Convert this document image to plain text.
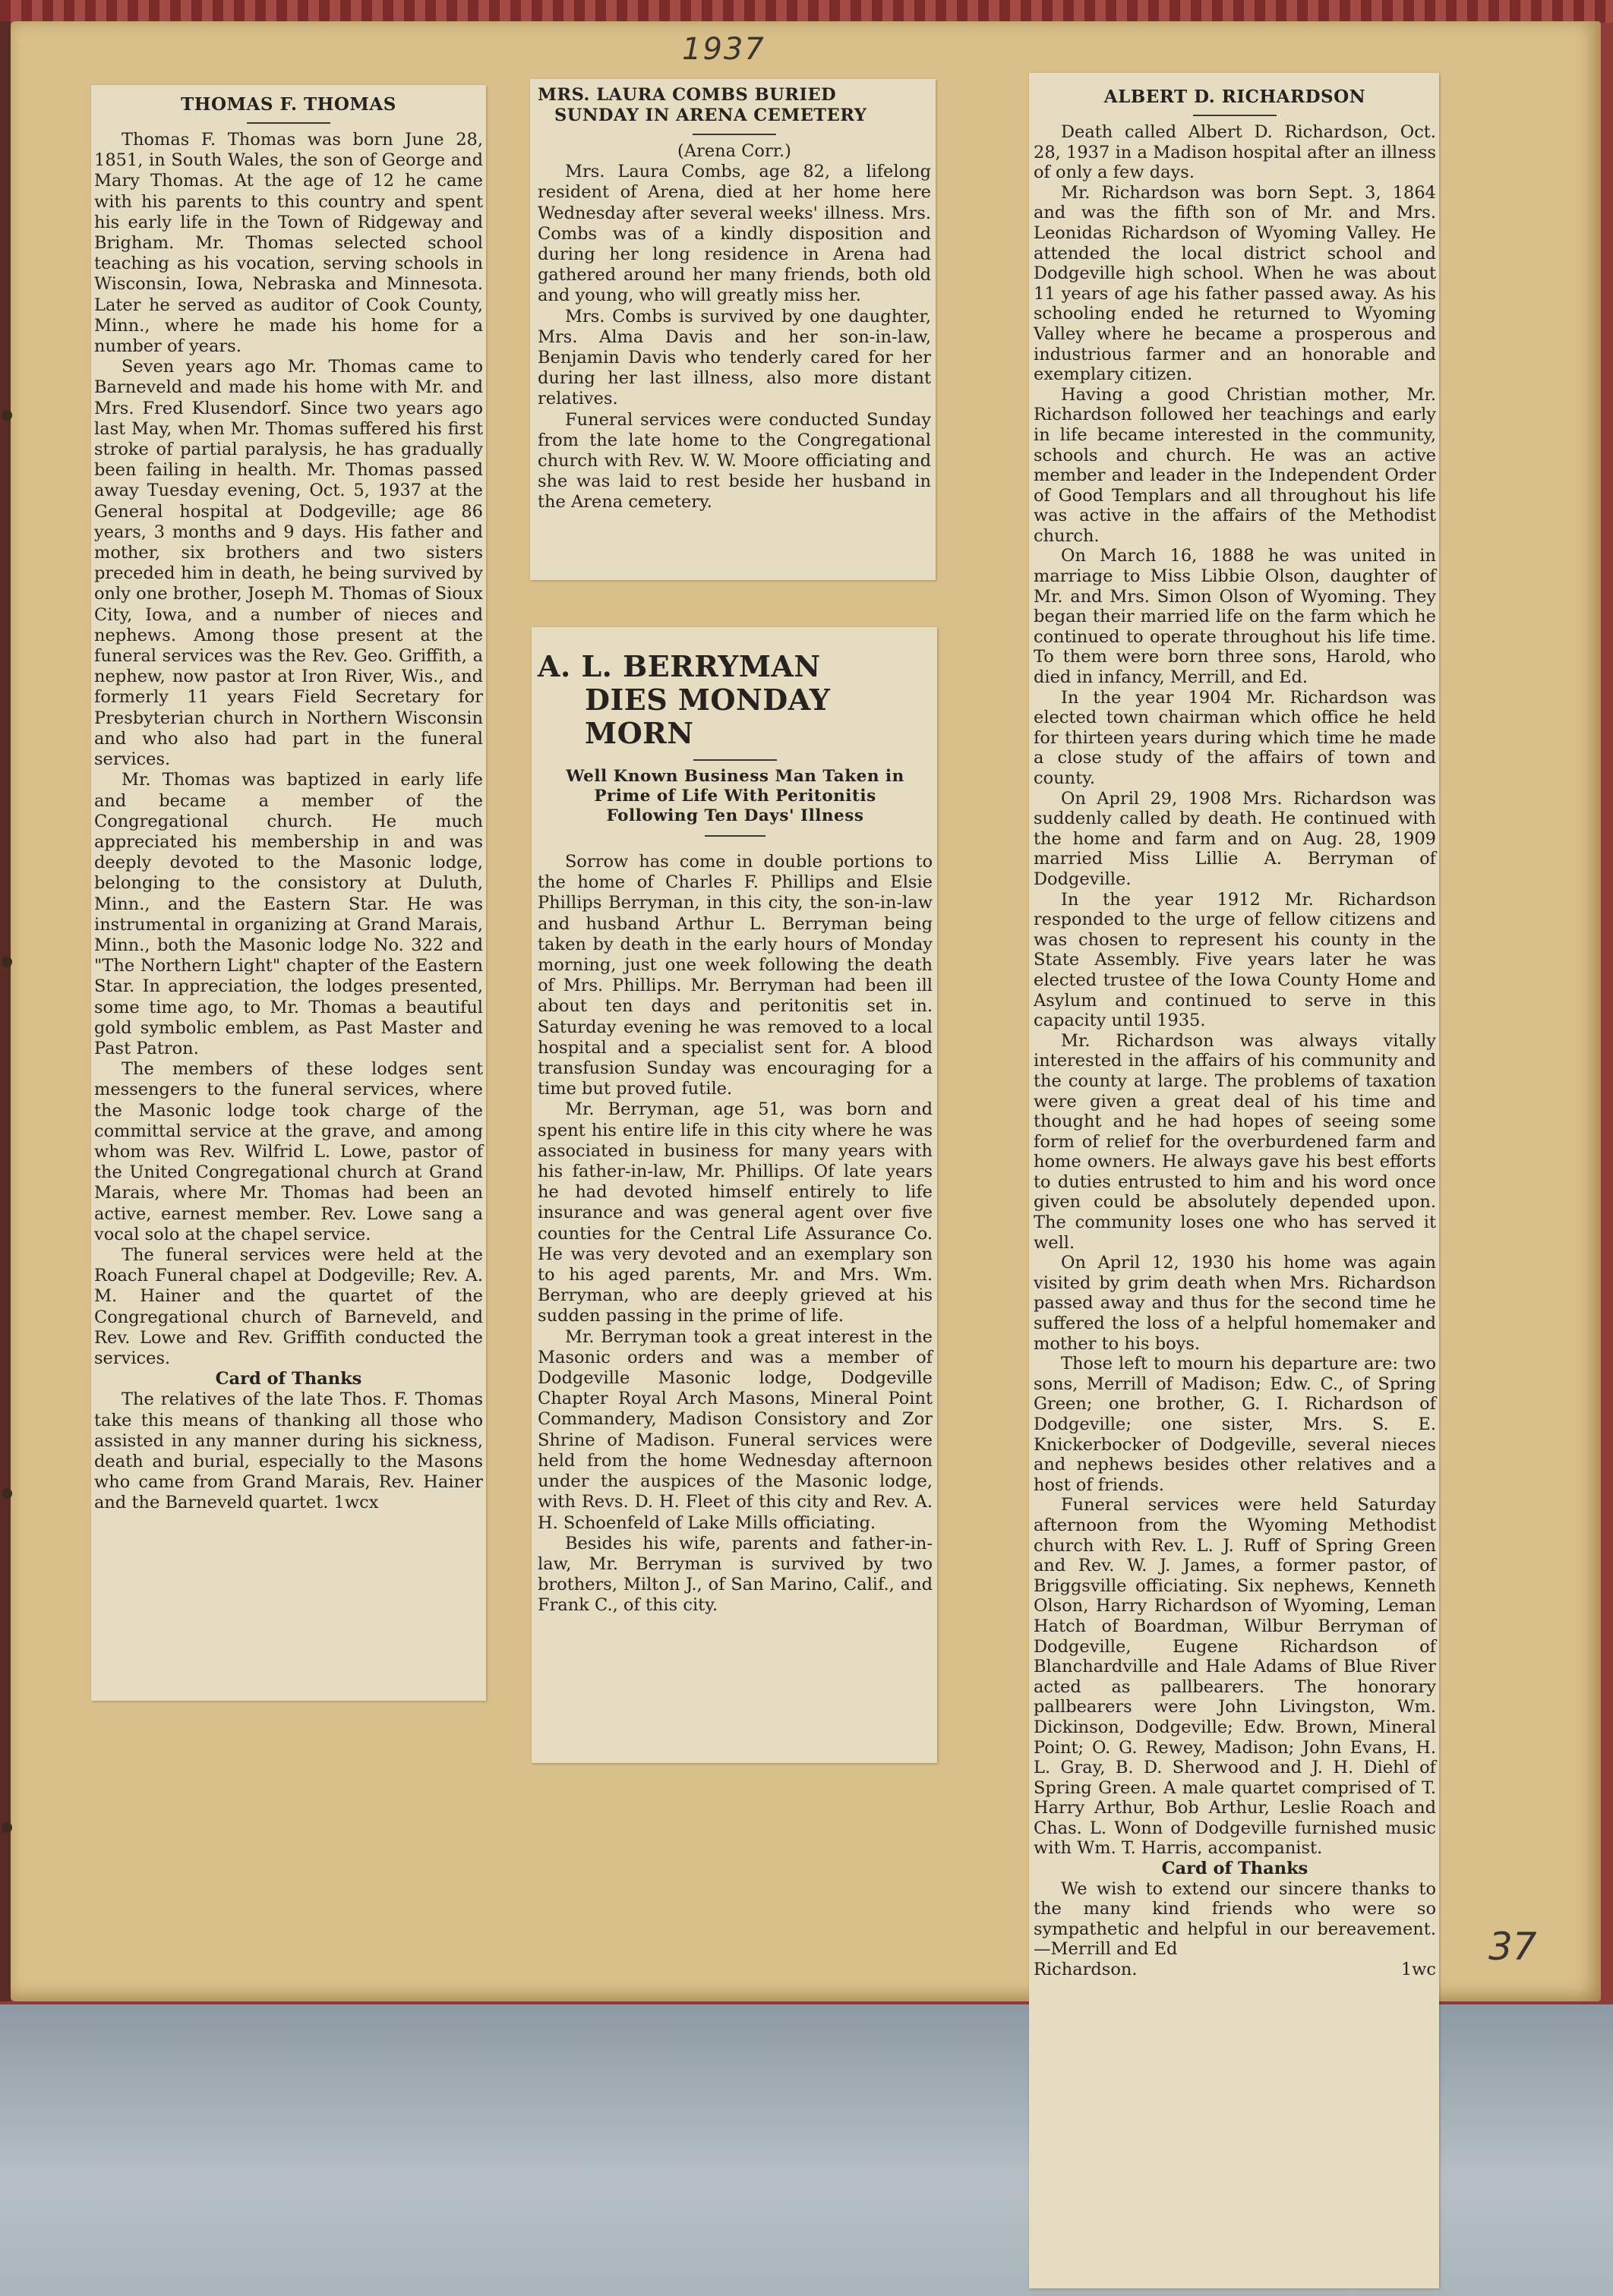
1937
37
THOMAS F. THOMAS

Thomas F. Thomas was born June 28, 1851, in South Wales, the son of George and Mary Thomas. At the age of 12 he came with his parents to this country and spent his early life in the Town of Ridgeway and Brigham. Mr. Thomas selected school teaching as his vocation, serving schools in Wisconsin, Iowa, Nebraska and Minnesota. Later he served as auditor of Cook County, Minn., where he made his home for a number of years.

Seven years ago Mr. Thomas came to Barneveld and made his home with Mr. and Mrs. Fred Klusendorf. Since two years ago last May, when Mr. Thomas suffered his first stroke of partial paralysis, he has gradually been failing in health. Mr. Thomas passed away Tuesday evening, Oct. 5, 1937 at the General hospital at Dodgeville; age 86 years, 3 months and 9 days. His father and mother, six brothers and two sisters preceded him in death, he being survived by only one brother, Joseph M. Thomas of Sioux City, Iowa, and a number of nieces and nephews. Among those present at the funeral services was the Rev. Geo. Griffith, a nephew, now pastor at Iron River, Wis., and formerly 11 years Field Secretary for Presbyterian church in Northern Wisconsin and who also had part in the funeral services.

Mr. Thomas was baptized in early life and became a member of the Congregational church. He much appreciated his membership in and was deeply devoted to the Masonic lodge, belonging to the consistory at Duluth, Minn., and the Eastern Star. He was instrumental in organizing at Grand Marais, Minn., both the Masonic lodge No. 322 and "The Northern Light" chapter of the Eastern Star. In appreciation, the lodges presented, some time ago, to Mr. Thomas a beautiful gold symbolic emblem, as Past Master and Past Patron.

The members of these lodges sent messengers to the funeral services, where the Masonic lodge took charge of the committal service at the grave, and among whom was Rev. Wilfrid L. Lowe, pastor of the United Congregational church at Grand Marais, where Mr. Thomas had been an active, earnest member. Rev. Lowe sang a vocal solo at the chapel service.

The funeral services were held at the Roach Funeral chapel at Dodgeville; Rev. A. M. Hainer and the quartet of the Congregational church of Barneveld, and Rev. Lowe and Rev. Griffith conducted the services.

Card of Thanks

The relatives of the late Thos. F. Thomas take this means of thanking all those who assisted in any manner during his sickness, death and burial, especially to the Masons who came from Grand Marais, Rev. Hainer and the Barneveld quartet. 1wcx

MRS. LAURA COMBS BURIED
SUNDAY IN ARENA CEMETERY

(Arena Corr.)

Mrs. Laura Combs, age 82, a lifelong resident of Arena, died at her home here Wednesday after several weeks' illness. Mrs. Combs was of a kindly disposition and during her long residence in Arena had gathered around her many friends, both old and young, who will greatly miss her.

Mrs. Combs is survived by one daughter, Mrs. Alma Davis and her son-in-law, Benjamin Davis who tenderly cared for her during her last illness, also more distant relatives.

Funeral services were conducted Sunday from the late home to the Congregational church with Rev. W. W. Moore officiating and she was laid to rest beside her husband in the Arena cemetery.

A. L. BERRYMAN
DIES MONDAY MORN
Well Known Business Man Taken in Prime of Life With Peritonitis Following Ten Days' Illness

Sorrow has come in double portions to the home of Charles F. Phillips and Elsie Phillips Berryman, in this city, the son-in-law and husband Arthur L. Berryman being taken by death in the early hours of Monday morning, just one week following the death of Mrs. Phillips. Mr. Berryman had been ill about ten days and peritonitis set in. Saturday evening he was removed to a local hospital and a specialist sent for. A blood transfusion Sunday was encouraging for a time but proved futile.

Mr. Berryman, age 51, was born and spent his entire life in this city where he was associated in business for many years with his father-in-law, Mr. Phillips. Of late years he had devoted himself entirely to life insurance and was general agent over five counties for the Central Life Assurance Co. He was very devoted and an exemplary son to his aged parents, Mr. and Mrs. Wm. Berryman, who are deeply grieved at his sudden passing in the prime of life.

Mr. Berryman took a great interest in the Masonic orders and was a member of Dodgeville Masonic lodge, Dodgeville Chapter Royal Arch Masons, Mineral Point Commandery, Madison Consistory and Zor Shrine of Madison. Funeral services were held from the home Wednesday afternoon under the auspices of the Masonic lodge, with Revs. D. H. Fleet of this city and Rev. A. H. Schoenfeld of Lake Mills officiating.

Besides his wife, parents and father-in-law, Mr. Berryman is survived by two brothers, Milton J., of San Marino, Calif., and Frank C., of this city.

ALBERT D. RICHARDSON

Death called Albert D. Richardson, Oct. 28, 1937 in a Madison hospital after an illness of only a few days.

Mr. Richardson was born Sept. 3, 1864 and was the fifth son of Mr. and Mrs. Leonidas Richardson of Wyoming Valley. He attended the local district school and Dodgeville high school. When he was about 11 years of age his father passed away. As his schooling ended he returned to Wyoming Valley where he became a prosperous and industrious farmer and an honorable and exemplary citizen.

Having a good Christian mother, Mr. Richardson followed her teachings and early in life became interested in the community, schools and church. He was an active member and leader in the Independent Order of Good Templars and all throughout his life was active in the affairs of the Methodist church.

On March 16, 1888 he was united in marriage to Miss Libbie Olson, daughter of Mr. and Mrs. Simon Olson of Wyoming. They began their married life on the farm which he continued to operate throughout his life time. To them were born three sons, Harold, who died in infancy, Merrill, and Ed.

In the year 1904 Mr. Richardson was elected town chairman which office he held for thirteen years during which time he made a close study of the affairs of town and county.

On April 29, 1908 Mrs. Richardson was suddenly called by death. He continued with the home and farm and on Aug. 28, 1909 married Miss Lillie A. Berryman of Dodgeville.

In the year 1912 Mr. Richardson responded to the urge of fellow citizens and was chosen to represent his county in the State Assembly. Five years later he was elected trustee of the Iowa County Home and Asylum and continued to serve in this capacity until 1935.

Mr. Richardson was always vitally interested in the affairs of his community and the county at large. The problems of taxation were given a great deal of his time and thought and he had hopes of seeing some form of relief for the overburdened farm and home owners. He always gave his best efforts to duties entrusted to him and his word once given could be absolutely depended upon. The community loses one who has served it well.

On April 12, 1930 his home was again visited by grim death when Mrs. Richardson passed away and thus for the second time he suffered the loss of a helpful homemaker and mother to his boys.

Those left to mourn his departure are: two sons, Merrill of Madison; Edw. C., of Spring Green; one brother, G. I. Richardson of Dodgeville; one sister, Mrs. S. E. Knickerbocker of Dodgeville, several nieces and nephews besides other relatives and a host of friends.

Funeral services were held Saturday afternoon from the Wyoming Methodist church with Rev. L. J. Ruff of Spring Green and Rev. W. J. James, a former pastor, of Briggsville officiating. Six nephews, Kenneth Olson, Harry Richardson of Wyoming, Leman Hatch of Boardman, Wilbur Berryman of Dodgeville, Eugene Richardson of Blanchardville and Hale Adams of Blue River acted as pallbearers. The honorary pallbearers were John Livingston, Wm. Dickinson, Dodgeville; Edw. Brown, Mineral Point; O. G. Rewey, Madison; John Evans, H. L. Gray, B. D. Sherwood and J. H. Diehl of Spring Green. A male quartet comprised of T. Harry Arthur, Bob Arthur, Leslie Roach and Chas. L. Wonn of Dodgeville furnished music with Wm. T. Harris, accompanist.

Card of Thanks

We wish to extend our sincere thanks to the many kind friends who were so sympathetic and helpful in our bereavement.—Merrill and Ed

Richardson.	1wc
